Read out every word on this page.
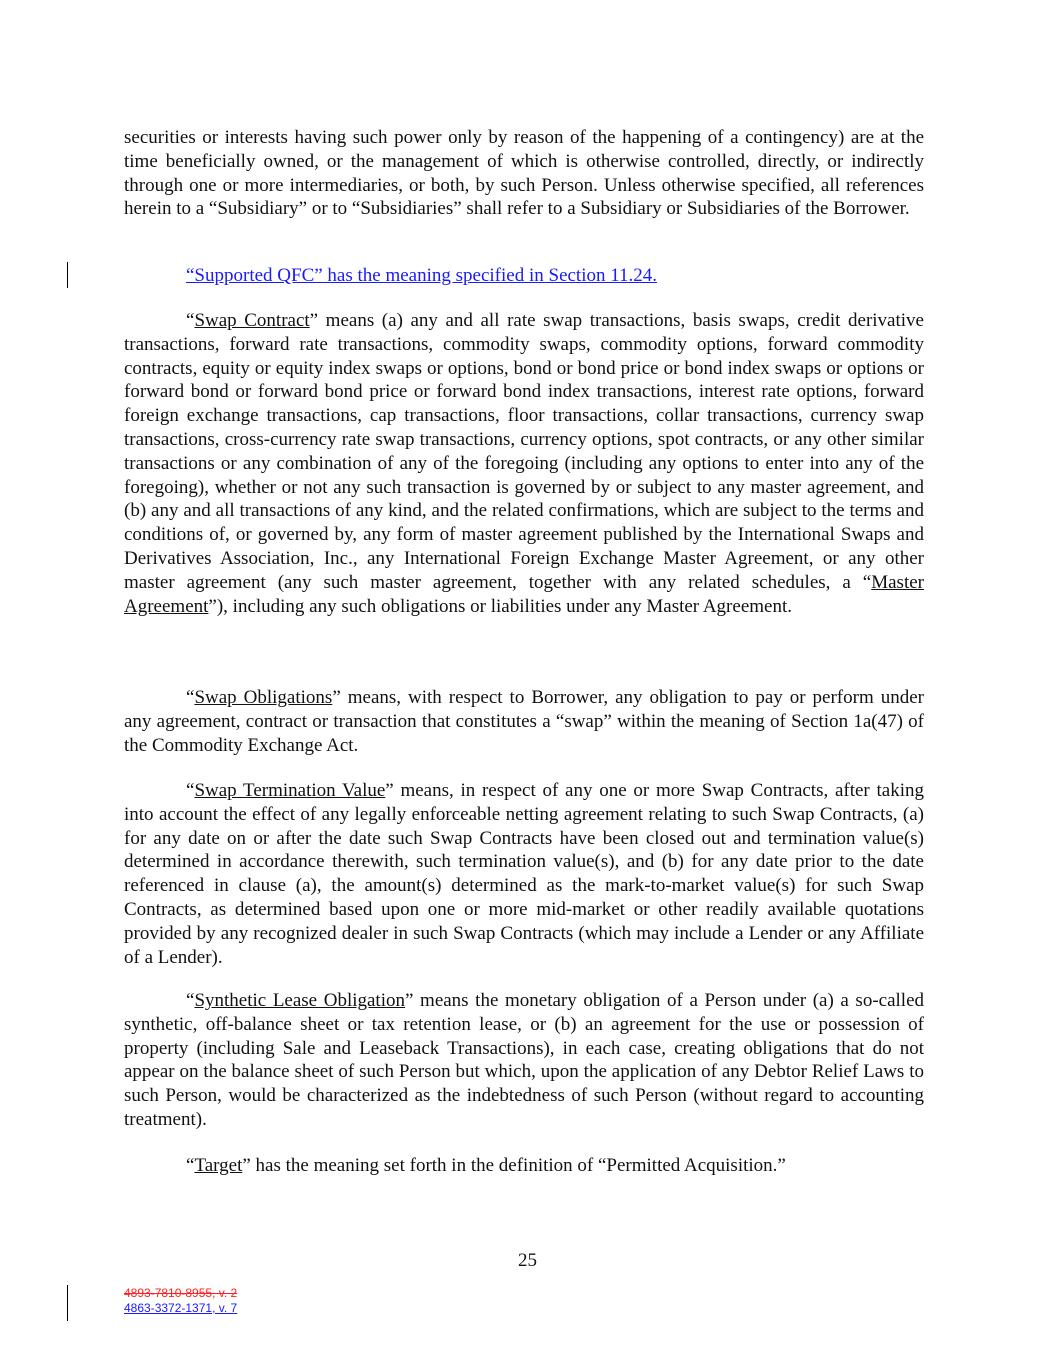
securities or interests having such power only by reason of the happening of a contingency) are at the time beneficially owned, or the management of which is otherwise controlled, directly, or indirectly through one or more intermediaries, or both, by such Person. Unless otherwise specified, all references herein to a “Subsidiary” or to “Subsidiaries” shall refer to a Subsidiary or Subsidiaries of the Borrower.

“Supported QFC” has the meaning specified in Section 11.24.

“Swap Contract” means (a) any and all rate swap transactions, basis swaps, credit derivative transactions, forward rate transactions, commodity swaps, commodity options, forward commodity contracts, equity or equity index swaps or options, bond or bond price or bond index swaps or options or forward bond or forward bond price or forward bond index transactions, interest rate options, forward foreign exchange transactions, cap transactions, floor transactions, collar transactions, currency swap transactions, cross-currency rate swap transactions, currency options, spot contracts, or any other similar transactions or any combination of any of the foregoing (including any options to enter into any of the foregoing), whether or not any such transaction is governed by or subject to any master agreement, and (b) any and all transactions of any kind, and the related confirmations, which are subject to the terms and conditions of, or governed by, any form of master agreement published by the International Swaps and Derivatives Association, Inc., any International Foreign Exchange Master Agreement, or any other master agreement (any such master agreement, together with any related schedules, a “Master Agreement”), including any such obligations or liabilities under any Master Agreement.

“Swap Obligations” means, with respect to Borrower, any obligation to pay or perform under any agreement, contract or transaction that constitutes a “swap” within the meaning of Section 1a(47) of the Commodity Exchange Act.

“Swap Termination Value” means, in respect of any one or more Swap Contracts, after taking into account the effect of any legally enforceable netting agreement relating to such Swap Contracts, (a) for any date on or after the date such Swap Contracts have been closed out and termination value(s) determined in accordance therewith, such termination value(s), and (b) for any date prior to the date referenced in clause (a), the amount(s) determined as the mark-to-market value(s) for such Swap Contracts, as determined based upon one or more mid-market or other readily available quotations provided by any recognized dealer in such Swap Contracts (which may include a Lender or any Affiliate of a Lender).

“Synthetic Lease Obligation” means the monetary obligation of a Person under (a) a so-called synthetic, off-balance sheet or tax retention lease, or (b) an agreement for the use or possession of property (including Sale and Leaseback Transactions), in each case, creating obligations that do not appear on the balance sheet of such Person but which, upon the application of any Debtor Relief Laws to such Person, would be characterized as the indebtedness of such Person (without regard to accounting treatment).

“Target” has the meaning set forth in the definition of “Permitted Acquisition.”

25
4893-7810-8955, v. 2
4863-3372-1371, v. 7
